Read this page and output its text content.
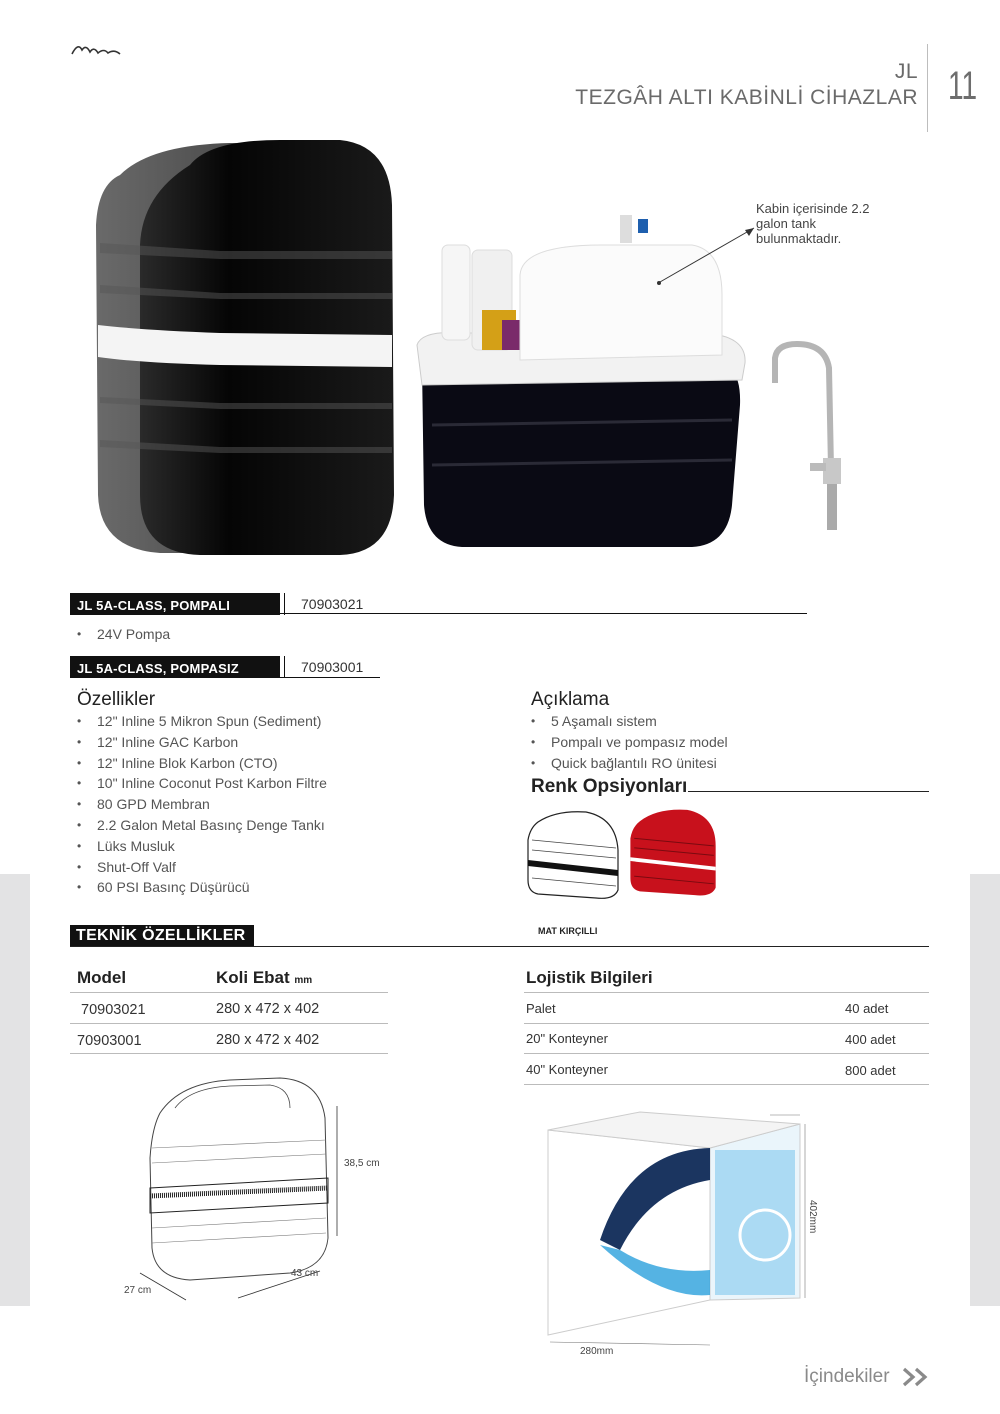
JL
TEZGÂH ALTI KABİNLİ CİHAZLAR 11
Kabin içerisinde 2.2 galon tank bulunmaktadır.
JL 5A-CLASS, POMPALI	70903021
• 24V Pompa
JL 5A-CLASS, POMPASIZ	70903001
Özellikler
• 12" Inline 5 Mikron Spun (Sediment)
• 12" Inline GAC Karbon
• 12" Inline Blok Karbon (CTO)
• 10" Inline Coconut Post Karbon Filtre
• 80 GPD Membran
• 2.2 Galon Metal Basınç Denge Tankı
• Lüks Musluk
• Shut-Off Valf
• 60 PSI Basınç Düşürücü
Açıklama
• 5 Aşamalı sistem
• Pompalı ve pompasız model
• Quick bağlantılı RO ünitesi
Renk Opsiyonları
MAT KIRÇILLI
TEKNİK ÖZELLİKLER
Model	Koli Ebat mm
70903021	280 x 472 x 402
70903001	280 x 472 x 402
Lojistik Bilgileri
Palet	40 adet
20" Konteyner	400 adet
40" Konteyner	800 adet
38,5 cm
43 cm
27 cm
402mm
280mm
İçindekiler
